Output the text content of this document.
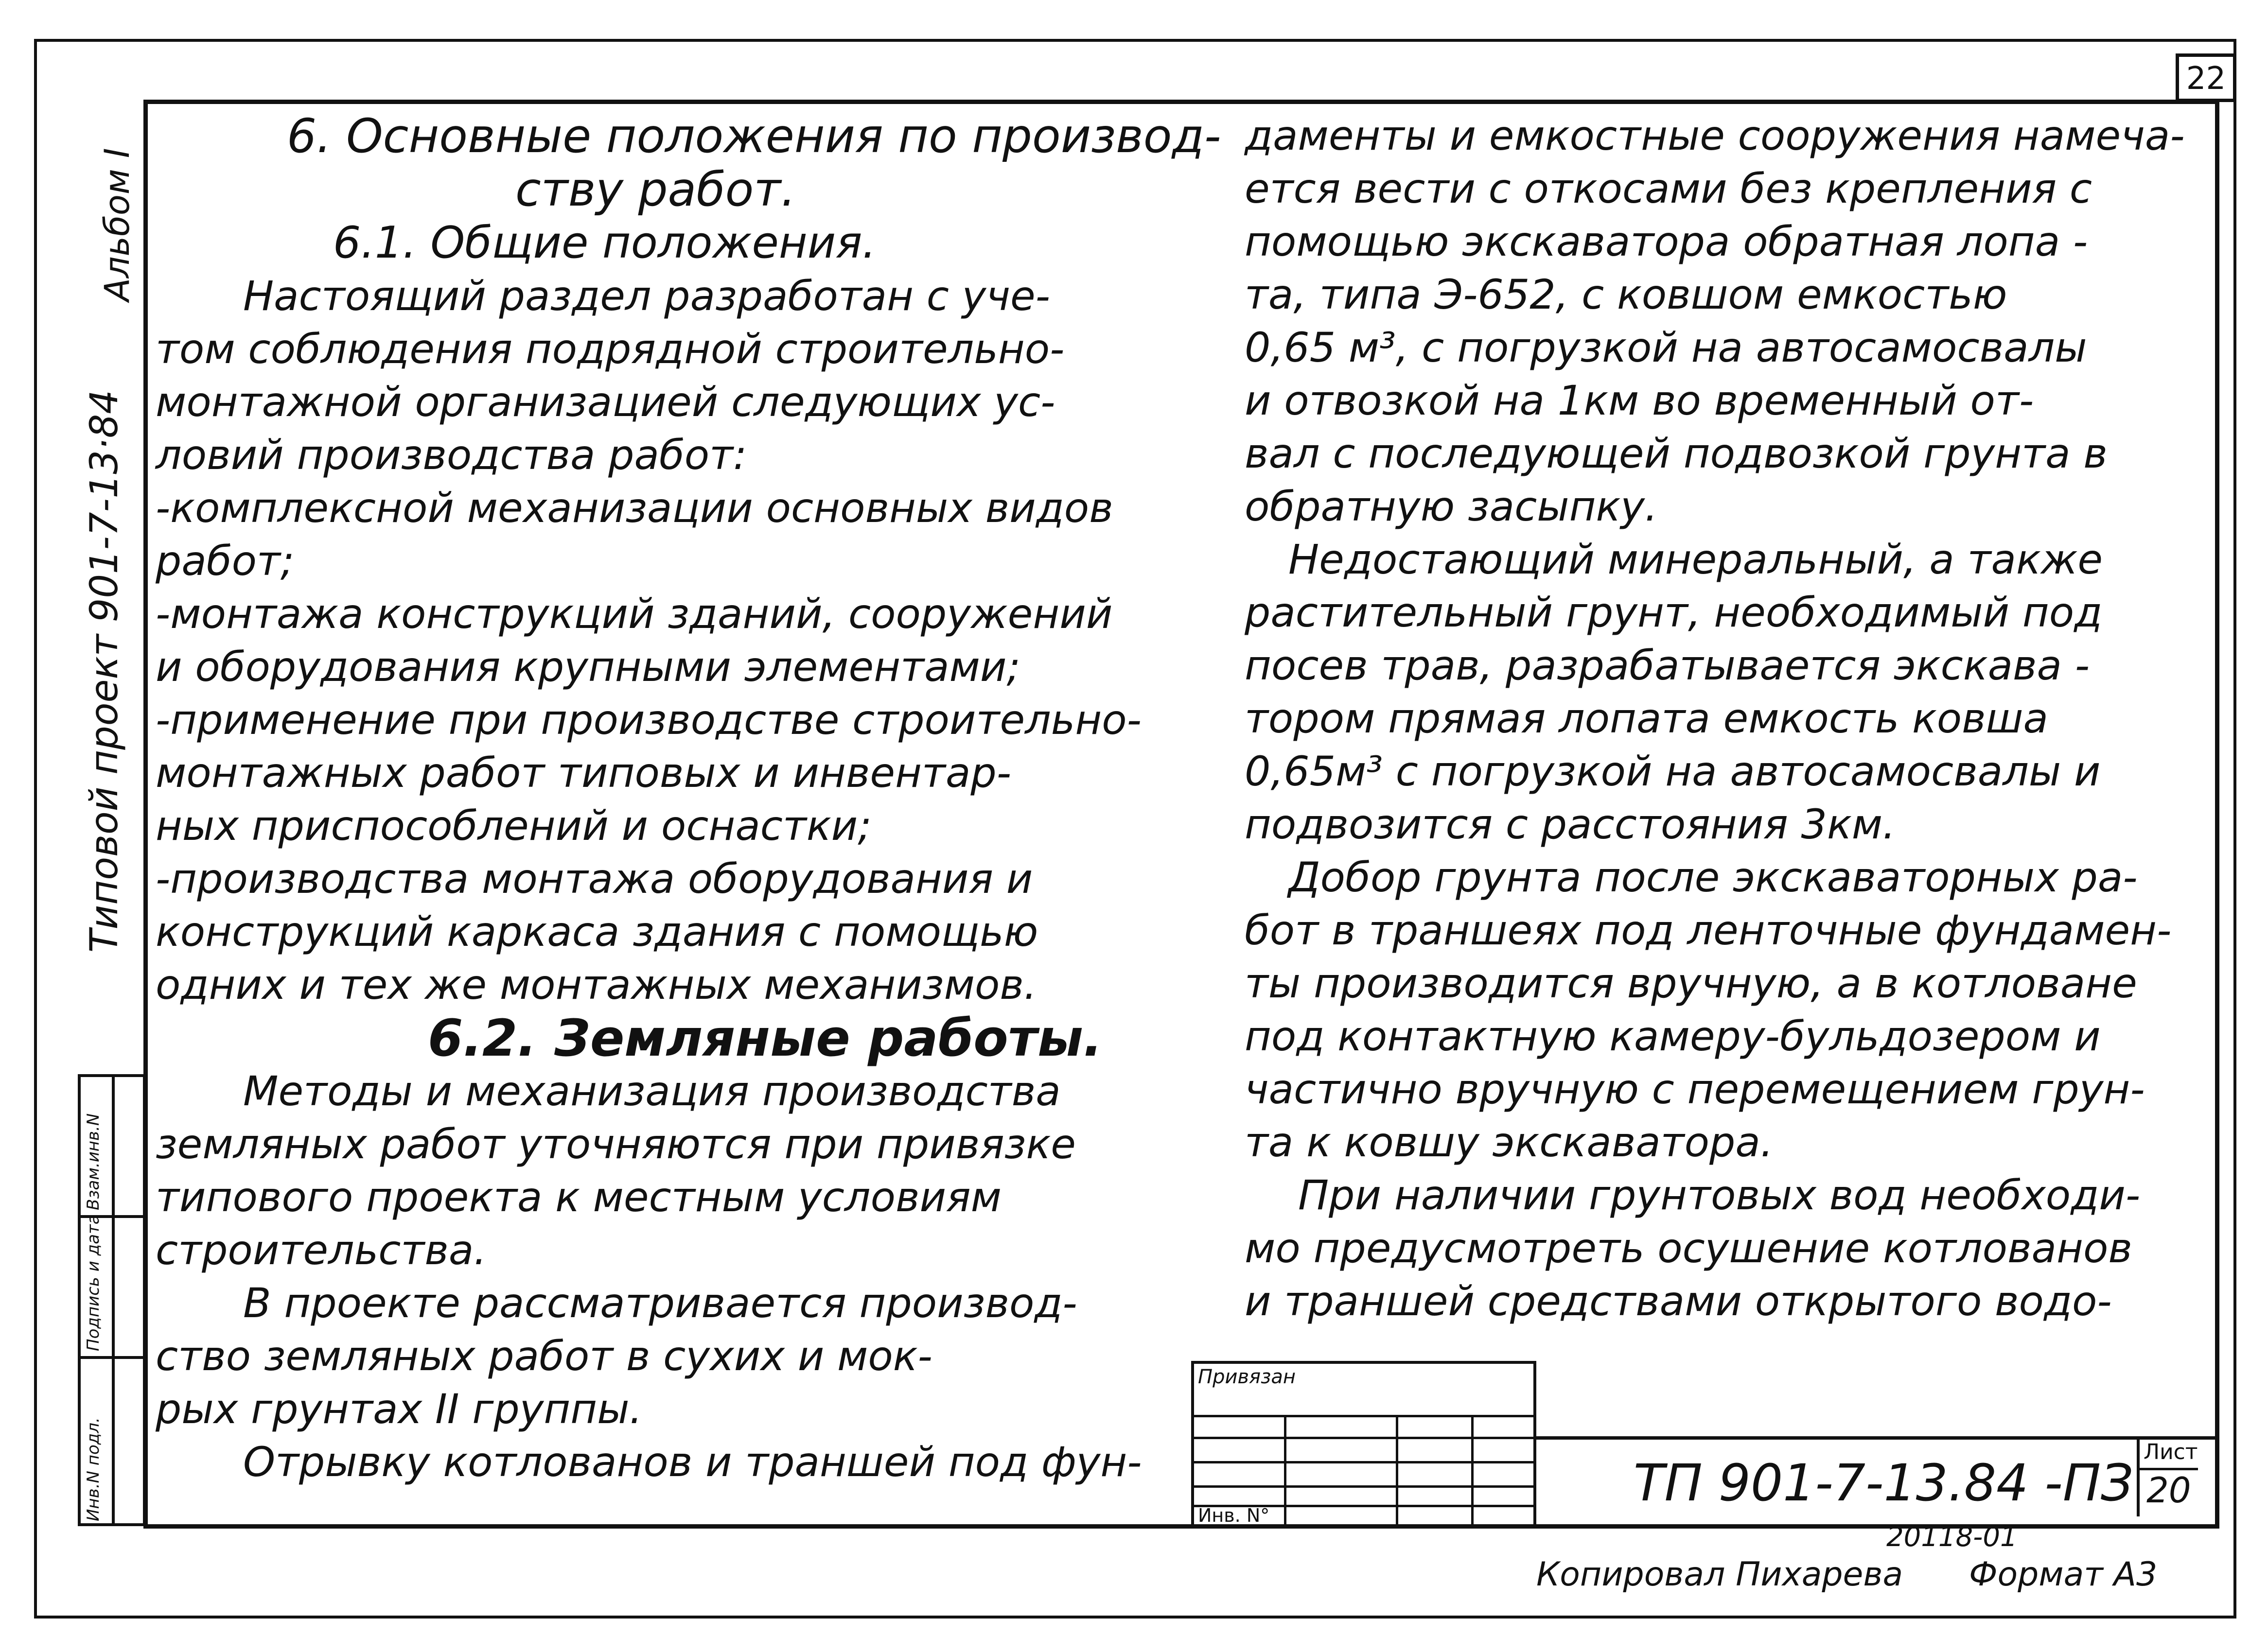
22
Типовой проект 901-7-13·84
Альбом I
Инв.N подл.
Подпись и дата
Взам.инв.N
6. Основные положения по производ-
ству работ.
6.1. Общие положения.
Настоящий раздел разработан с уче-
том соблюдения подрядной строительно-
монтажной организацией следующих ус-
ловий производства работ:
-комплексной механизации основных видов
работ;
-монтажа конструкций зданий, сооружений
и оборудования крупными элементами;
-применение при производстве строительно-
монтажных работ типовых и инвентар-
ных приспособлений и оснастки;
-производства монтажа оборудования и
конструкций каркаса здания с помощью
одних и тех же монтажных механизмов.
6.2. Земляные работы.
Методы и механизация производства
земляных работ уточняются при привязке
типового проекта к местным условиям
строительства.
В проекте рассматривается производ-
ство земляных работ в сухих и мок-
рых грунтах II группы.
Отрывку котлованов и траншей под фун-
даменты и емкостные сооружения намеча-
ется вести с откосами без крепления с
помощью экскаватора обратная лопа -
та, типа Э-652, с ковшом емкостью
0,65 м³, с погрузкой на автосамосвалы
и отвозкой на 1км во временный от-
вал с последующей подвозкой грунта в
обратную засыпку.
Недостающий минеральный, а также
растительный грунт, необходимый под
посев трав, разрабатывается экскава -
тором прямая лопата емкость ковша
0,65м³ с погрузкой на автосамосвалы и
подвозится с расстояния 3км.
Добор грунта после экскаваторных ра-
бот в траншеях под ленточные фундамен-
ты производится вручную, а в котловане
под контактную камеру-бульдозером и
частично вручную с перемещением грун-
та к ковшу экскаватора.
При наличии грунтовых вод необходи-
мо предусмотреть осушение котлованов
и траншей средствами открытого водо-
Привязан
Инв. N°
ТП 901-7-13.84 -ПЗ
Лист
20
20118-01
Копировал Пихарева Формат А3
